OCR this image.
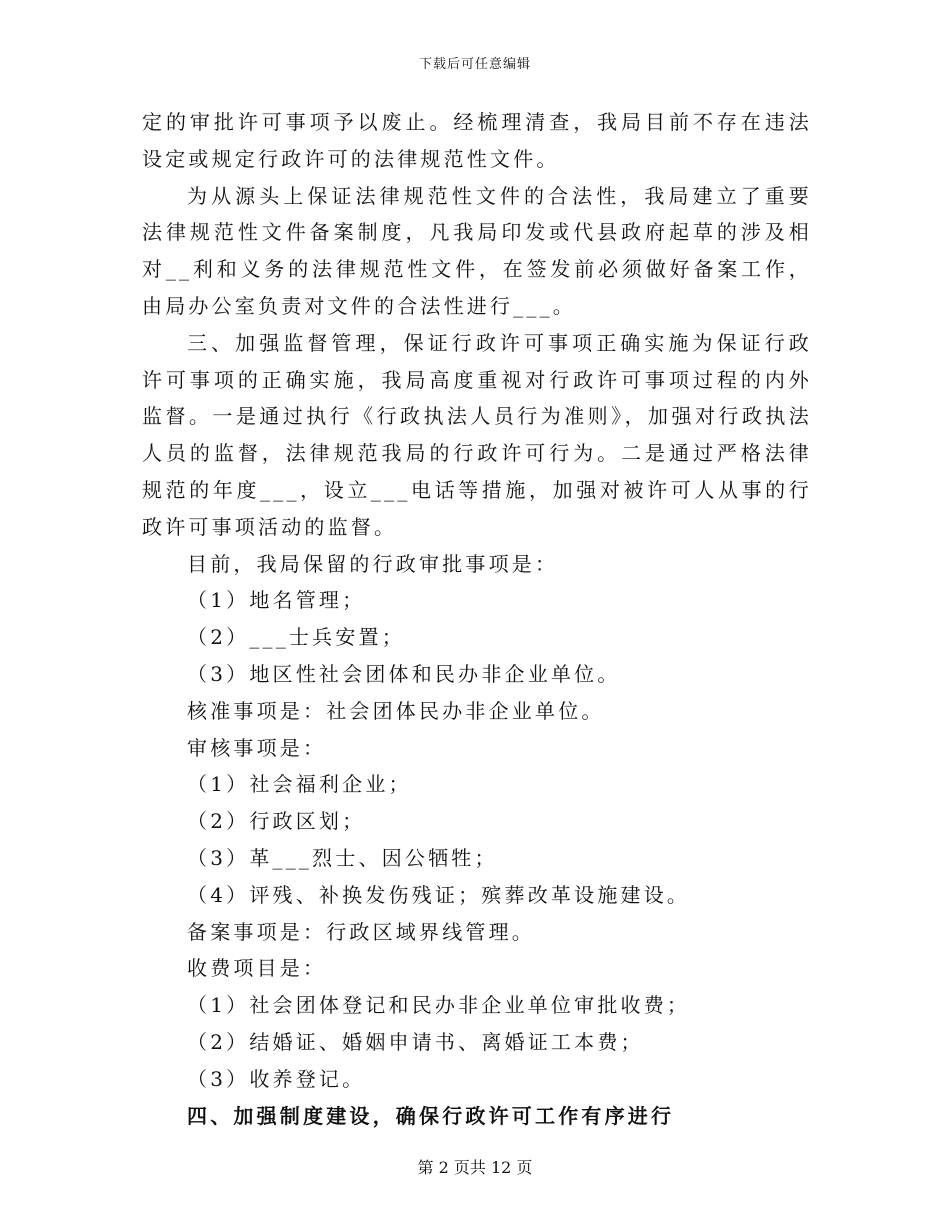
下载后可任意编辑

定的审批许可事项予以废止。经梳理清查，我局目前不存在违法设定或规定行政许可的法律规范性文件。

为从源头上保证法律规范性文件的合法性，我局建立了重要法律规范性文件备案制度，凡我局印发或代县政府起草的涉及相对__利和义务的法律规范性文件，在签发前必须做好备案工作，由局办公室负责对文件的合法性进行___。

三、加强监督管理，保证行政许可事项正确实施为保证行政许可事项的正确实施，我局高度重视对行政许可事项过程的内外监督。一是通过执行《行政执法人员行为准则》，加强对行政执法人员的监督，法律规范我局的行政许可行为。二是通过严格法律规范的年度___，设立___电话等措施，加强对被许可人从事的行政许可事项活动的监督。

目前，我局保留的行政审批事项是：

（1）地名管理；

（2）___士兵安置；

（3）地区性社会团体和民办非企业单位。

核准事项是：社会团体民办非企业单位。

审核事项是：

（1）社会福利企业；

（2）行政区划；

（3）革___烈士、因公牺牲；

（4）评残、补换发伤残证；殡葬改革设施建设。

备案事项是：行政区域界线管理。

收费项目是：

（1）社会团体登记和民办非企业单位审批收费；

（2）结婚证、婚姻申请书、离婚证工本费；

（3）收养登记。

四、加强制度建设，确保行政许可工作有序进行

第 2 页共 12 页
